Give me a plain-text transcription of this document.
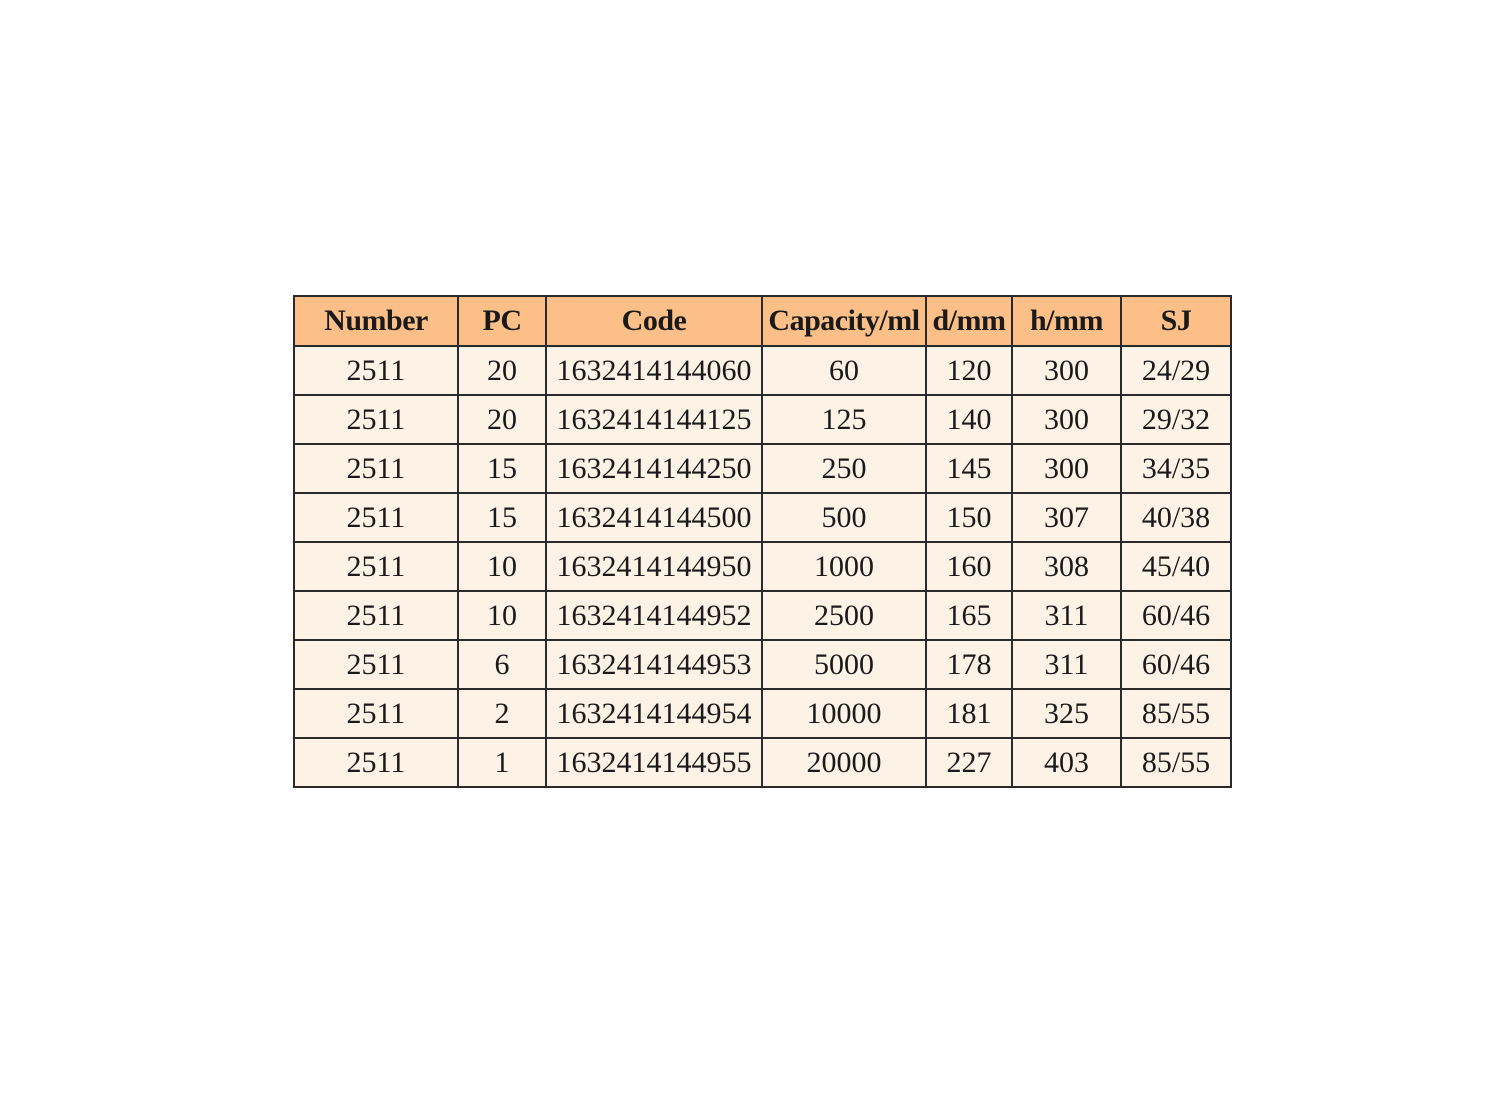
Number	PC	Code	Capacity/ml	d/mm	h/mm	SJ
2511	20	1632414144060	60	120	300	24/29
2511	20	1632414144125	125	140	300	29/32
2511	15	1632414144250	250	145	300	34/35
2511	15	1632414144500	500	150	307	40/38
2511	10	1632414144950	1000	160	308	45/40
2511	10	1632414144952	2500	165	311	60/46
2511	6	1632414144953	5000	178	311	60/46
2511	2	1632414144954	10000	181	325	85/55
2511	1	1632414144955	20000	227	403	85/55
